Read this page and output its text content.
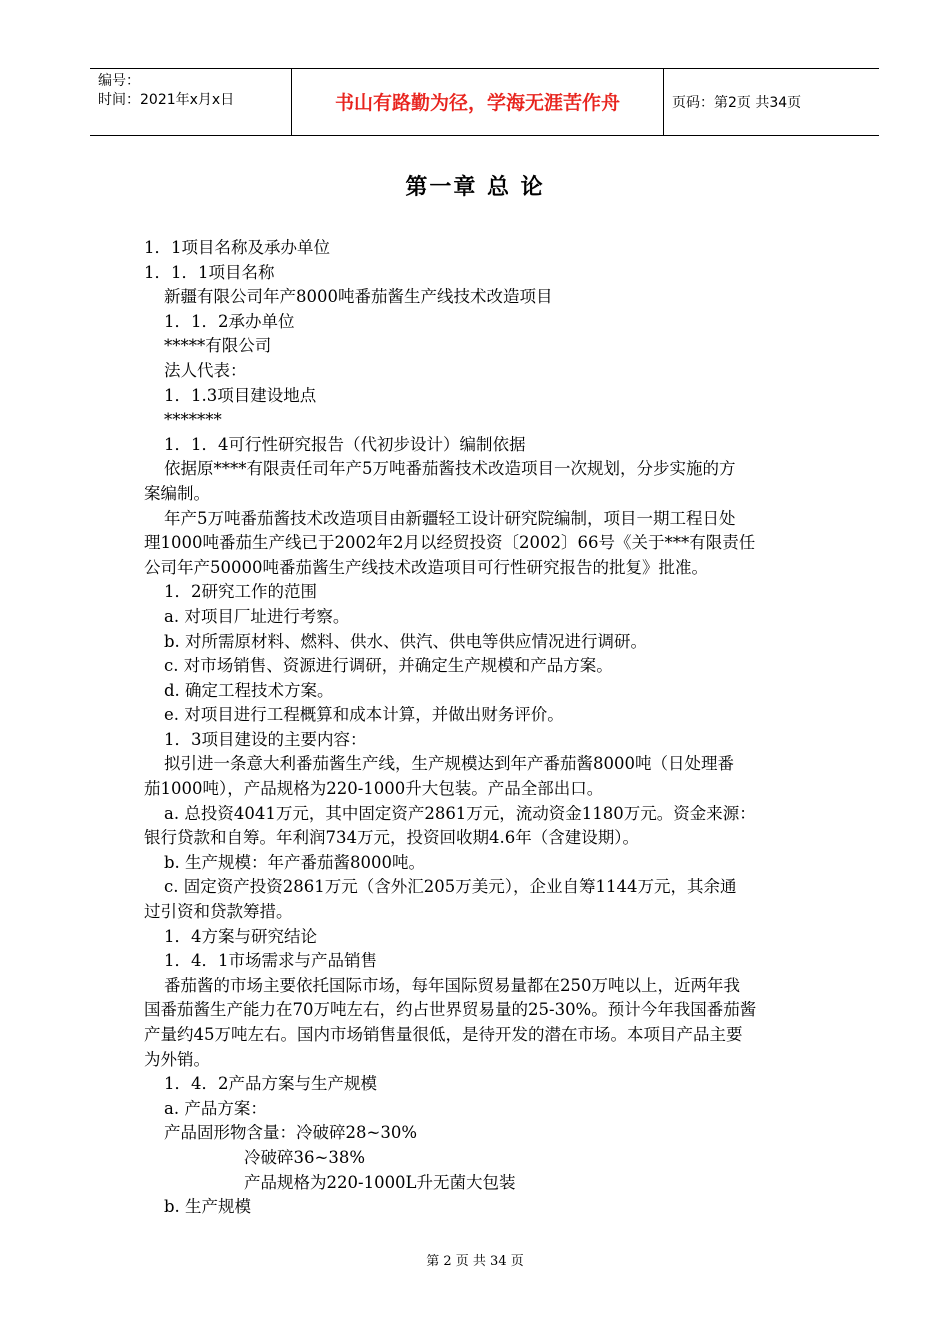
编号：
时间：2021年x月x日	书山有路勤为径，学海无涯苦作舟	页码：第2页 共34页
第一章 总 论
1．1项目名称及承办单位
1．1．1项目名称
新疆有限公司年产8000吨番茄酱生产线技术改造项目
1．1．2承办单位
*****有限公司
法人代表：
1．1.3项目建设地点
*******
1．1．4可行性研究报告（代初步设计）编制依据
依据原****有限责任司年产5万吨番茄酱技术改造项目一次规划，分步实施的方
案编制。
年产5万吨番茄酱技术改造项目由新疆轻工设计研究院编制，项目一期工程日处
理1000吨番茄生产线已于2002年2月以经贸投资〔2002〕66号《关于***有限责任
公司年产50000吨番茄酱生产线技术改造项目可行性研究报告的批复》批准。
1．2研究工作的范围
a. 对项目厂址进行考察。
b. 对所需原材料、燃料、供水、供汽、供电等供应情况进行调研。
c. 对市场销售、资源进行调研，并确定生产规模和产品方案。
d. 确定工程技术方案。
e. 对项目进行工程概算和成本计算，并做出财务评价。
1．3项目建设的主要内容：
拟引进一条意大利番茄酱生产线，生产规模达到年产番茄酱8000吨（日处理番
茄1000吨），产品规格为220-1000升大包装。产品全部出口。
a. 总投资4041万元，其中固定资产2861万元，流动资金1180万元。资金来源：
银行贷款和自筹。年利润734万元，投资回收期4.6年（含建设期）。
b. 生产规模：年产番茄酱8000吨。
c. 固定资产投资2861万元（含外汇205万美元），企业自筹1144万元，其余通
过引资和贷款筹措。
1．4方案与研究结论
1．4．1市场需求与产品销售
番茄酱的市场主要依托国际市场，每年国际贸易量都在250万吨以上，近两年我
国番茄酱生产能力在70万吨左右，约占世界贸易量的25-30%。预计今年我国番茄酱
产量约45万吨左右。国内市场销售量很低，是待开发的潜在市场。本项目产品主要
为外销。
1．4．2产品方案与生产规模
a. 产品方案：
产品固形物含量：冷破碎28~30%
冷破碎36~38%
产品规格为220-1000L升无菌大包装
b. 生产规模
第 2 页 共 34 页
